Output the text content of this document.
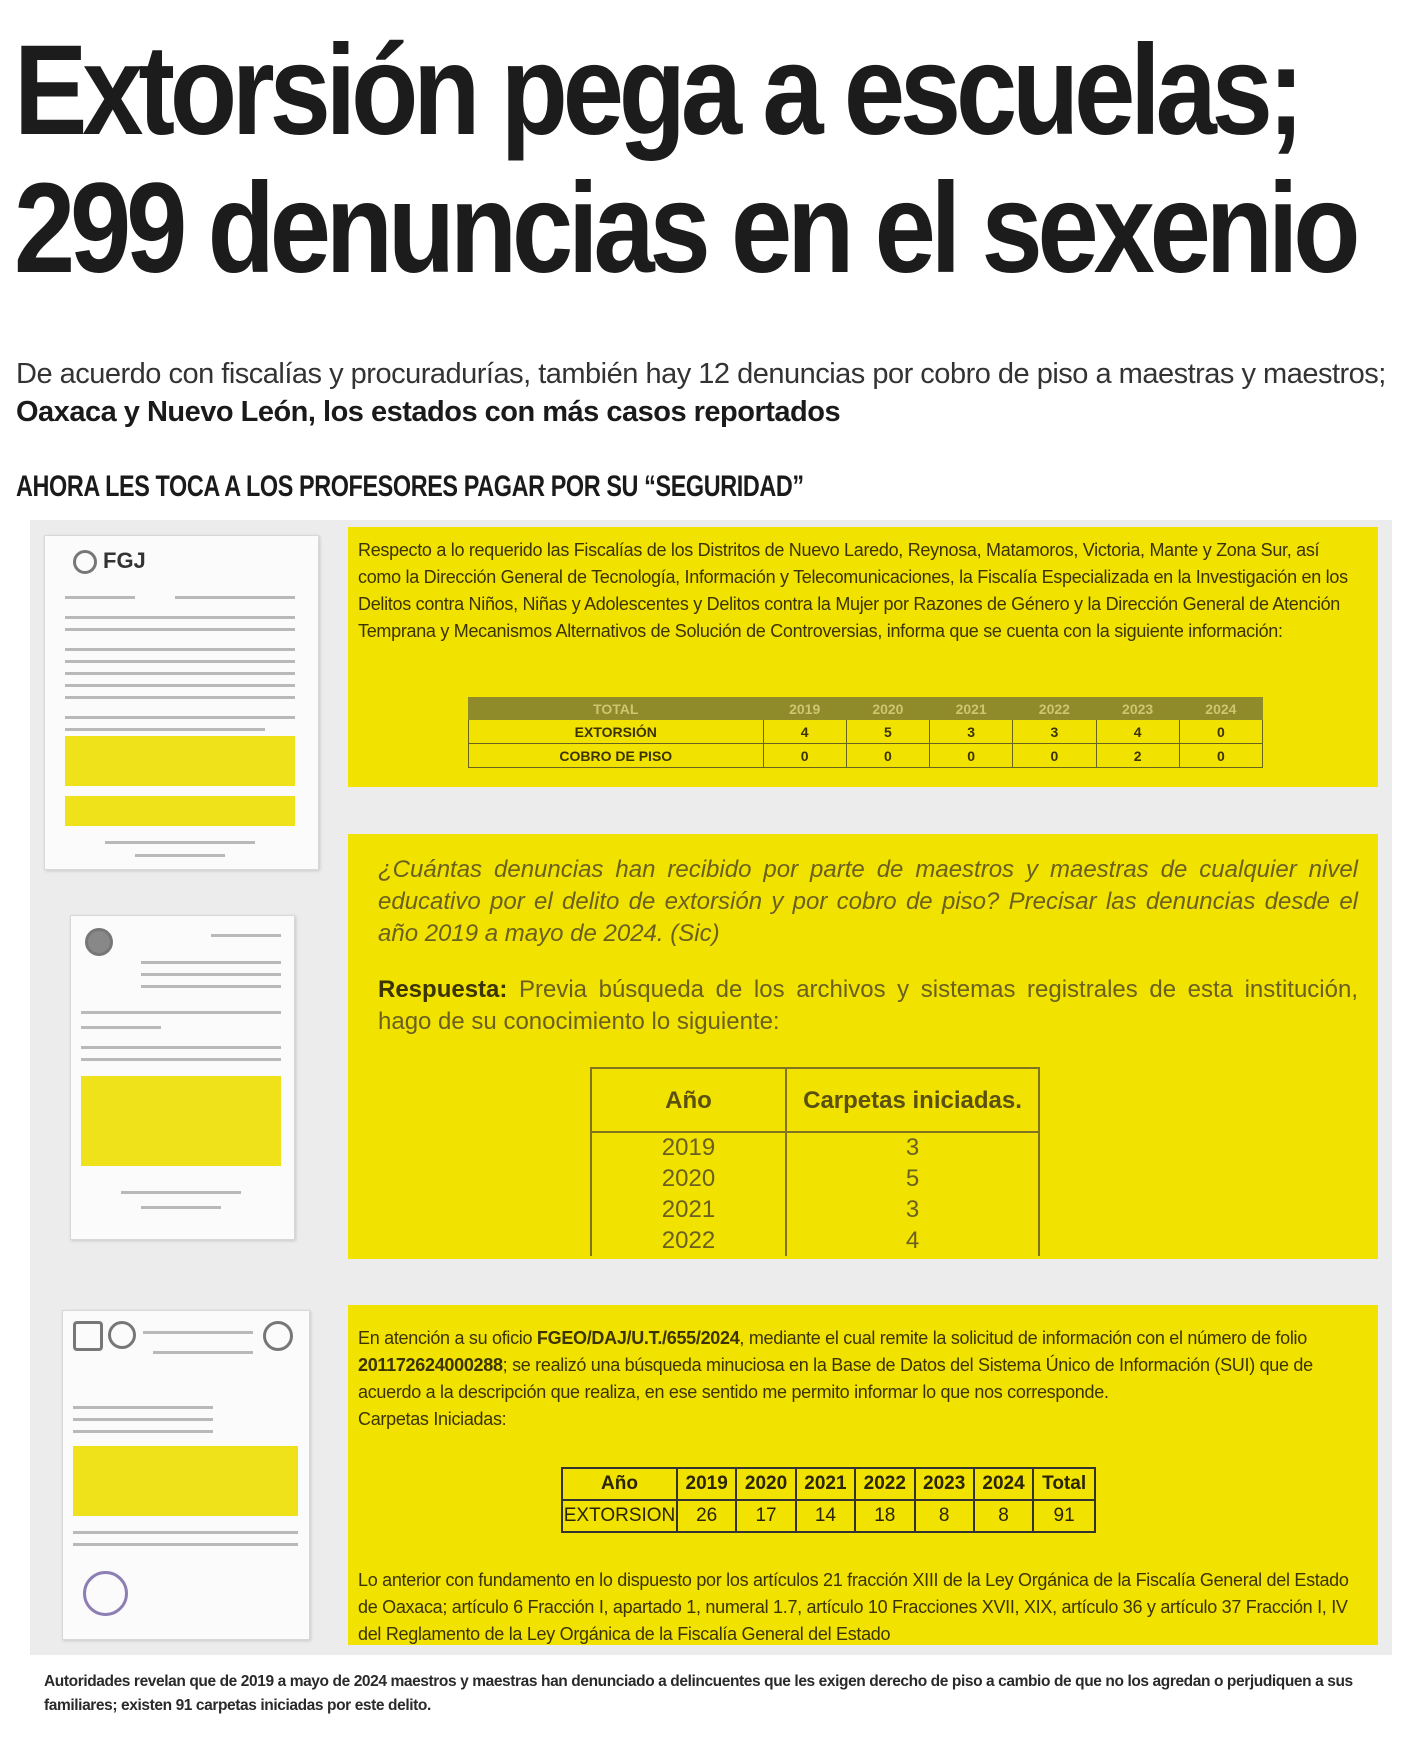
Extorsión pega a escuelas;
299 denuncias en el sexenio

De acuerdo con fiscalías y procuradurías, también hay 12 denuncias por cobro de piso a maestras y maestros; Oaxaca y Nuevo León, los estados con más casos reportados

AHORA LES TOCA A LOS PROFESORES PAGAR POR SU “SEGURIDAD”
FGJ	Respecto a lo requerido las Fiscalías de los Distritos de Nuevo Laredo, Reynosa, Matamoros, Victoria, Mante y Zona Sur, así como la Dirección General de Tecnología, Información y Telecomunicaciones, la Fiscalía Especializada en la Investigación en los Delitos contra Niños, Niñas y Adolescentes y Delitos contra la Mujer por Razones de Género y la Dirección General de Atención Temprana y Mecanismos Alternativos de Solución de Controversias, informa que se cuenta con la siguiente información:

TOTAL	2019	2020	2021	2022	2023	2024
EXTORSIÓN	4	5	3	3	4	0
COBRO DE PISO	0	0	0	0	2	0

¿Cuántas denuncias han recibido por parte de maestros y maestras de cualquier nivel educativo por el delito de extorsión y por cobro de piso? Precisar las denuncias desde el año 2019 a mayo de 2024. (Sic)

Respuesta: Previa búsqueda de los archivos y sistemas registrales de esta institución, hago de su conocimiento lo siguiente:

Año	Carpetas iniciadas.
2019	3
2020	5
2021	3
2022	4

En atención a su oficio FGEO/DAJ/U.T./655/2024, mediante el cual remite la solicitud de información con el número de folio 201172624000288; se realizó una búsqueda minuciosa en la Base de Datos del Sistema Único de Información (SUI) que de acuerdo a la descripción que realiza, en ese sentido me permito informar lo que nos corresponde.
Carpetas Iniciadas:

Año	2019	2020	2021	2022	2023	2024	Total
EXTORSION	26	17	14	18	8	8	91

Lo anterior con fundamento en lo dispuesto por los artículos 21 fracción XIII de la Ley Orgánica de la Fiscalía General del Estado de Oaxaca; artículo 6 Fracción I, apartado 1, numeral 1.7, artículo 10 Fracciones XVII, XIX, artículo 36 y artículo 37 Fracción I, IV del Reglamento de la Ley Orgánica de la Fiscalía General del Estado

Autoridades revelan que de 2019 a mayo de 2024 maestros y maestras han denunciado a delincuentes que les exigen derecho de piso a cambio de que no los agredan o perjudiquen a sus familiares; existen 91 carpetas iniciadas por este delito.
